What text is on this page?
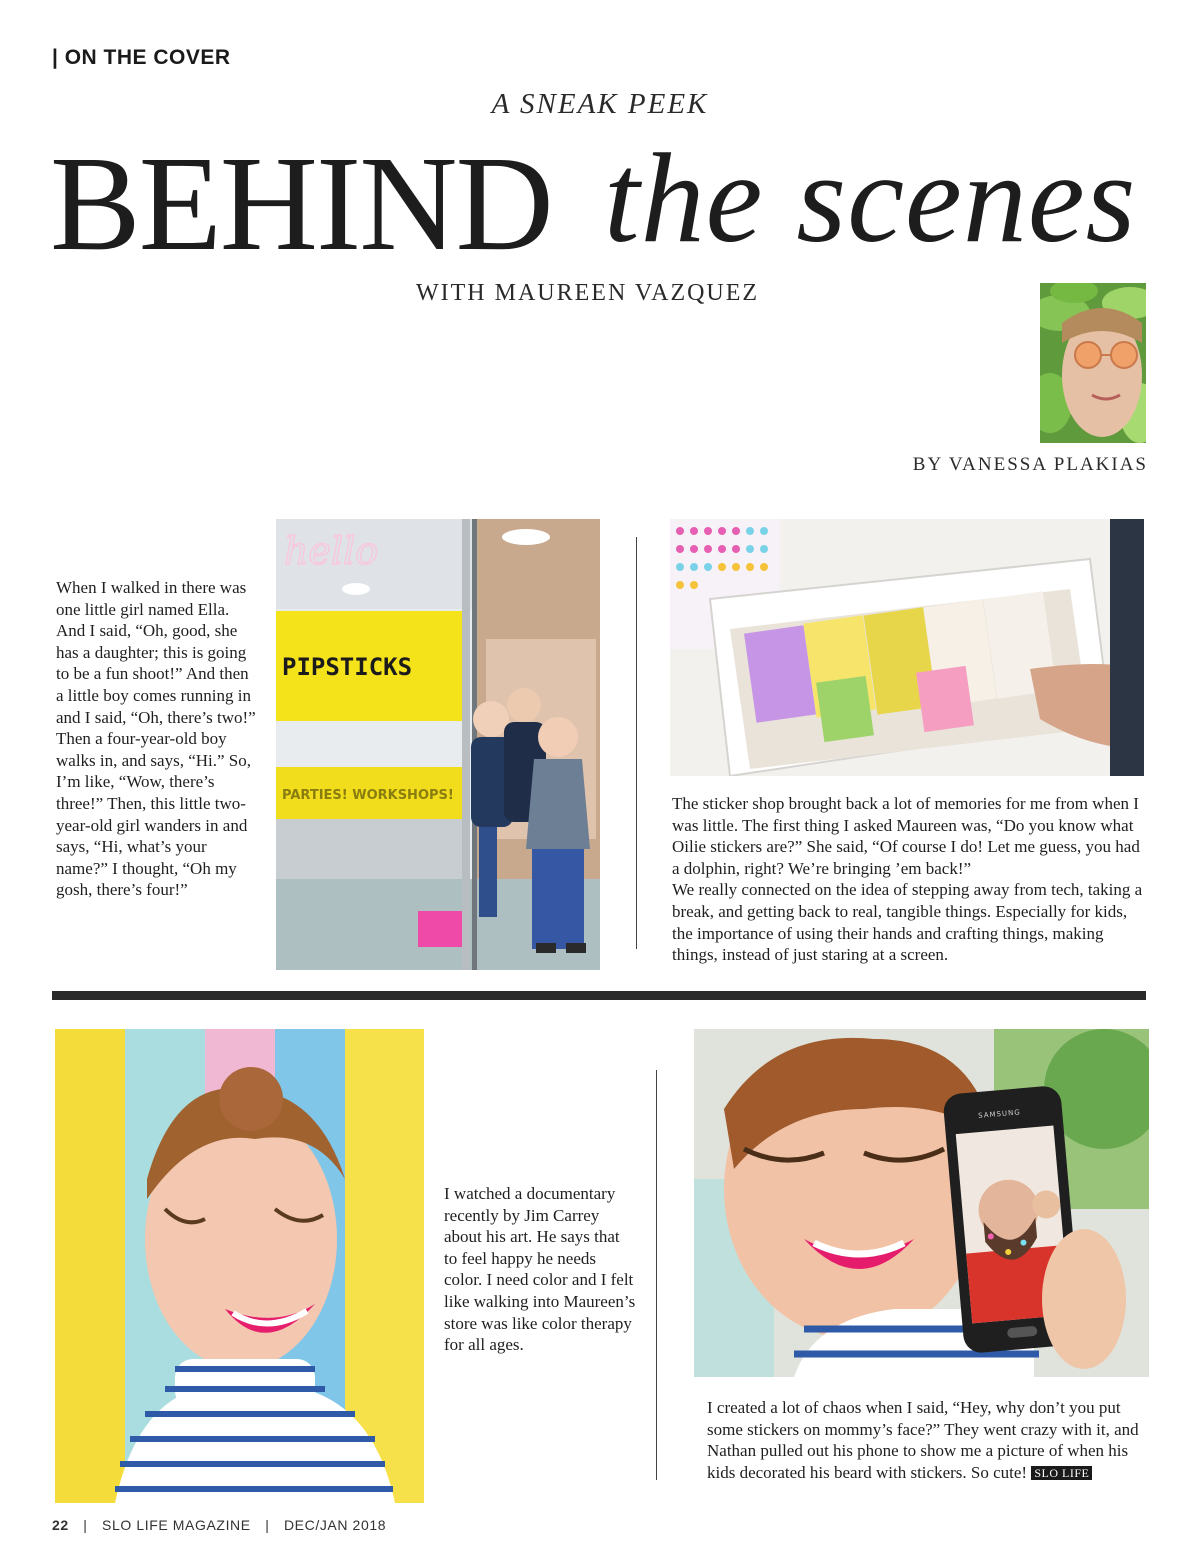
| ON THE COVER
A SNEAK PEEK
BEHIND the scenes
WITH MAUREEN VAZQUEZ
BY VANESSA PLAKIAS
When I walked in there was one little girl named Ella. And I said, “Oh, good, she has a daughter; this is going to be a fun shoot!” And then a little boy comes running in and I said, “Oh, there’s two!” Then a four-year-old boy walks in, and says, “Hi.” So, I’m like, “Wow, there’s three!” Then, this little two-year-old girl wanders in and says, “Hi, what’s your name?” I thought, “Oh my gosh, there’s four!”
hello
PIPSTICKS
PARTIES! WORKSHOPS!	The sticker shop brought back a lot of memories for me from when I was little. The first thing I asked Maureen was, “Do you know what Oilie stickers are?” She said, “Of course I do! Let me guess, you had a dolphin, right? We’re bringing ’em back!”
We really connected on the idea of stepping away from tech, taking a break, and getting back to real, tangible things. Especially for kids, the importance of using their hands and crafting things, making things, instead of just staring at a screen.
I watched a documentary recently by Jim Carrey about his art. He says that to feel happy he needs color. I need color and I felt like walking into Maureen’s store was like color therapy for all ages.
SAMSUNG
I created a lot of chaos when I said, “Hey, why don’t you put some stickers on mommy’s face?” They went crazy with it, and Nathan pulled out his phone to show me a picture of when his kids decorated his beard with stickers. So cute! SLO LIFE
22 | SLO LIFE MAGAZINE | DEC/JAN 2018
